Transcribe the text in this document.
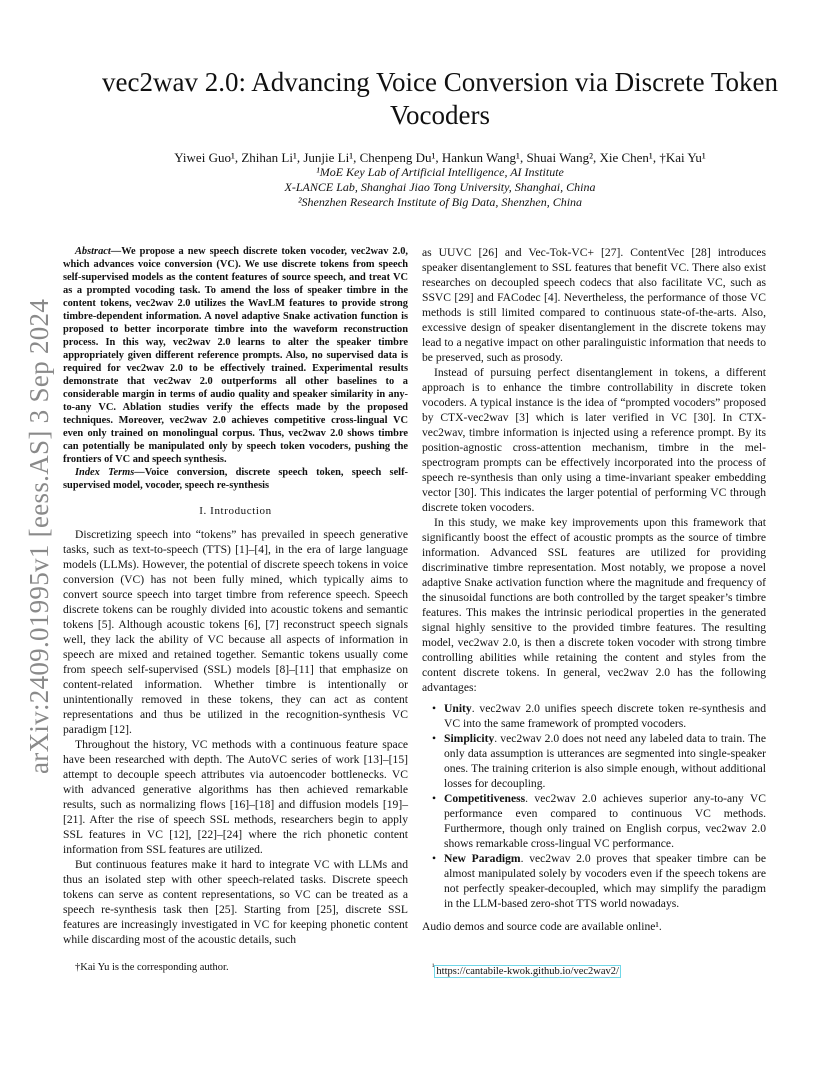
arXiv:2409.01995v1 [eess.AS] 3 Sep 2024
vec2wav 2.0: Advancing Voice Conversion via Discrete Token
Vocoders
Yiwei Guo¹, Zhihan Li¹, Junjie Li¹, Chenpeng Du¹, Hankun Wang¹, Shuai Wang², Xie Chen¹, †Kai Yu¹
¹MoE Key Lab of Artificial Intelligence, AI Institute
X-LANCE Lab, Shanghai Jiao Tong University, Shanghai, China
²Shenzhen Research Institute of Big Data, Shenzhen, China

Abstract—We propose a new speech discrete token vocoder, vec2wav 2.0, which advances voice conversion (VC). We use discrete tokens from speech self-supervised models as the content features of source speech, and treat VC as a prompted vocoding task. To amend the loss of speaker timbre in the content tokens, vec2wav 2.0 utilizes the WavLM features to provide strong timbre-dependent information. A novel adaptive Snake activation function is proposed to better incorporate timbre into the waveform reconstruction process. In this way, vec2wav 2.0 learns to alter the speaker timbre appropriately given different reference prompts. Also, no supervised data is required for vec2wav 2.0 to be effectively trained. Experimental results demonstrate that vec2wav 2.0 outperforms all other baselines to a considerable margin in terms of audio quality and speaker similarity in any-to-any VC. Ablation studies verify the effects made by the proposed techniques. Moreover, vec2wav 2.0 achieves competitive cross-lingual VC even only trained on monolingual corpus. Thus, vec2wav 2.0 shows timbre can potentially be manipulated only by speech token vocoders, pushing the frontiers of VC and speech synthesis.

Index Terms—Voice conversion, discrete speech token, speech self-supervised model, vocoder, speech re-synthesis

I. Introduction

Discretizing speech into “tokens” has prevailed in speech generative tasks, such as text-to-speech (TTS) [1]–[4], in the era of large language models (LLMs). However, the potential of discrete speech tokens in voice conversion (VC) has not been fully mined, which typically aims to convert source speech into target timbre from reference speech. Speech discrete tokens can be roughly divided into acoustic tokens and semantic tokens [5]. Although acoustic tokens [6], [7] reconstruct speech signals well, they lack the ability of VC because all aspects of information in speech are mixed and retained together. Semantic tokens usually come from speech self-supervised (SSL) models [8]–[11] that emphasize on content-related information. Whether timbre is intentionally or unintentionally removed in these tokens, they can act as content representations and thus be utilized in the recognition-synthesis VC paradigm [12].

Throughout the history, VC methods with a continuous feature space have been researched with depth. The AutoVC series of work [13]–[15] attempt to decouple speech attributes via autoencoder bottlenecks. VC with advanced generative algorithms has then achieved remarkable results, such as normalizing flows [16]–[18] and diffusion models [19]–[21]. After the rise of speech SSL methods, researchers begin to apply SSL features in VC [12], [22]–[24] where the rich phonetic content information from SSL features are utilized.

But continuous features make it hard to integrate VC with LLMs and thus an isolated step with other speech-related tasks. Discrete speech tokens can serve as content representations, so VC can be treated as a speech re-synthesis task then [25]. Starting from [25], discrete SSL features are increasingly investigated in VC for keeping phonetic content while discarding most of the acoustic details, such

as UUVC [26] and Vec-Tok-VC+ [27]. ContentVec [28] introduces speaker disentanglement to SSL features that benefit VC. There also exist researches on decoupled speech codecs that also facilitate VC, such as SSVC [29] and FACodec [4]. Nevertheless, the performance of those VC methods is still limited compared to continuous state-of-the-arts. Also, excessive design of speaker disentanglement in the discrete tokens may lead to a negative impact on other paralinguistic information that needs to be preserved, such as prosody.

Instead of pursuing perfect disentanglement in tokens, a different approach is to enhance the timbre controllability in discrete token vocoders. A typical instance is the idea of “prompted vocoders” proposed by CTX-vec2wav [3] which is later verified in VC [30]. In CTX-vec2wav, timbre information is injected using a reference prompt. By its position-agnostic cross-attention mechanism, timbre in the mel-spectrogram prompts can be effectively incorporated into the process of speech re-synthesis than only using a time-invariant speaker embedding vector [30]. This indicates the larger potential of performing VC through discrete token vocoders.

In this study, we make key improvements upon this framework that significantly boost the effect of acoustic prompts as the source of timbre information. Advanced SSL features are utilized for providing discriminative timbre representation. Most notably, we propose a novel adaptive Snake activation function where the magnitude and frequency of the sinusoidal functions are both controlled by the target speaker’s timbre features. This makes the intrinsic periodical properties in the generated signal highly sensitive to the provided timbre features. The resulting model, vec2wav 2.0, is then a discrete token vocoder with strong timbre controlling abilities while retaining the content and styles from the content discrete tokens. In general, vec2wav 2.0 has the following advantages:

• Unity. vec2wav 2.0 unifies speech discrete token re-synthesis and VC into the same framework of prompted vocoders.
• Simplicity. vec2wav 2.0 does not need any labeled data to train. The only data assumption is utterances are segmented into single-speaker ones. The training criterion is also simple enough, without additional losses for decoupling.
• Competitiveness. vec2wav 2.0 achieves superior any-to-any VC performance even compared to continuous VC methods. Furthermore, though only trained on English corpus, vec2wav 2.0 shows remarkable cross-lingual VC performance.
• New Paradigm. vec2wav 2.0 proves that speaker timbre can be almost manipulated solely by vocoders even if the speech tokens are not perfectly speaker-decoupled, which may simplify the paradigm in the LLM-based zero-shot TTS world nowadays.

Audio demos and source code are available online¹.

†Kai Yu is the corresponding author.	$^{^1}$ https://cantabile-kwok.github.io/vec2wav2/
